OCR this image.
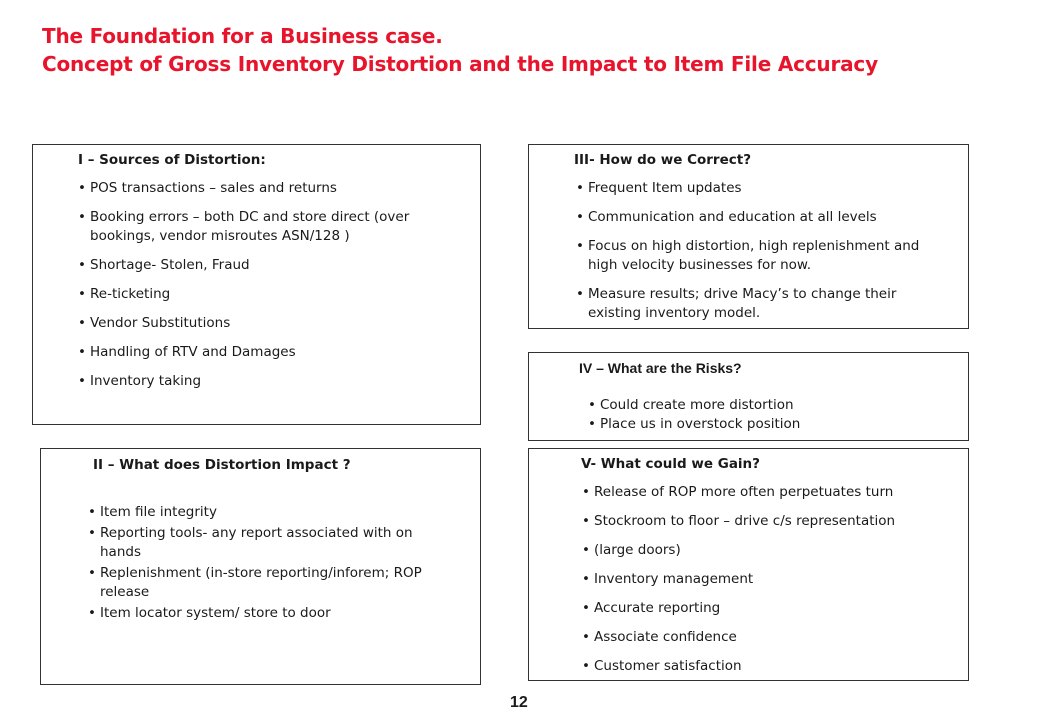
The Foundation for a Business case.
Concept of Gross Inventory Distortion and the Impact to Item File Accuracy
I – Sources of Distortion:
• POS transactions – sales and returns
• Booking errors – both DC and store direct (over
bookings, vendor misroutes ASN/128 )
• Shortage- Stolen, Fraud
• Re-ticketing
• Vendor Substitutions
• Handling of RTV and Damages
• Inventory taking
II – What does Distortion Impact ?
• Item file integrity
• Reporting tools- any report associated with on
hands
• Replenishment (in-store reporting/inforem; ROP
release
• Item locator system/ store to door
III- How do we Correct?
• Frequent Item updates
• Communication and education at all levels
• Focus on high distortion, high replenishment and
high velocity businesses for now.
• Measure results; drive Macy’s to change their
existing inventory model.
IV – What are the Risks?
• Could create more distortion
• Place us in overstock position
V- What could we Gain?
• Release of ROP more often perpetuates turn
• Stockroom to floor – drive c/s representation
• (large doors)
• Inventory management
• Accurate reporting
• Associate confidence
• Customer satisfaction
12
